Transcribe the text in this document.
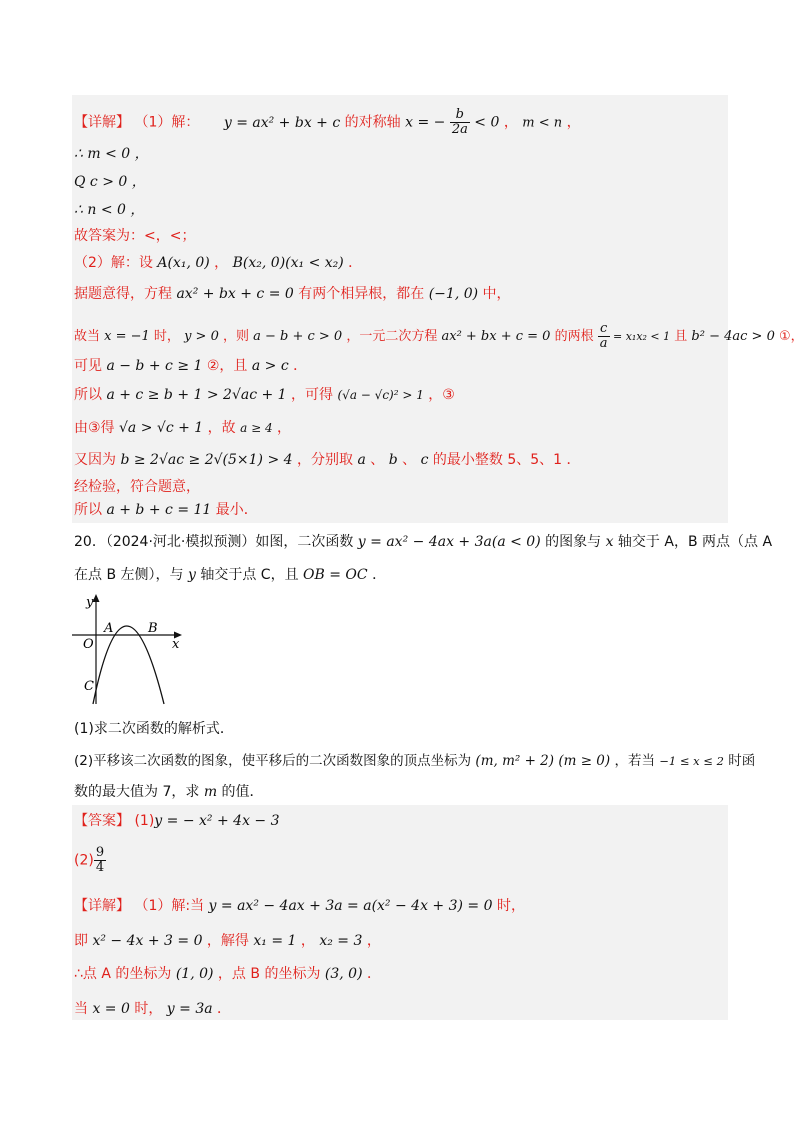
【详解】 （1）解： y = ax² + bx + c 的对称轴 x = − $\frac{b}{2a} < 0$ ， m < n ，
∴ m < 0 ，
Q c > 0 ，
∴ n < 0 ，
故答案为：<，<；
（2）解：设 A(x₁, 0) ， B(x₂, 0)(x₁ < x₂) ．
据题意得，方程 ax² + bx + c = 0 有两个相异根，都在 (−1, 0) 中，
故当 x = −1 时， y > 0 ，则 a − b + c > 0 ，一元二次方程 ax² + bx + c = 0 的两根 $\frac{c}{a} = x_1x_2 < 1$ 且 b² − 4ac > 0 ①，
可见 a − b + c ≥ 1 ②，且 a > c ．
所以 a + c ≥ b + 1 > 2√ac + 1 ，可得 (√a − √c)² > 1 ，③
由③得 √a > √c + 1 ，故 a ≥ 4 ，
又因为 b ≥ 2√ac ≥ 2√(5×1) > 4 ，分别取 a 、 b 、 c 的最小整数 5、5、1 ．
经检验，符合题意，
所以 a + b + c = 11 最小．
20．（2024·河北·模拟预测）如图，二次函数 y = ax² − 4ax + 3a(a < 0) 的图象与 x 轴交于 A，B 两点（点 A
在点 B 左侧），与 y 轴交于点 C，且 OB = OC ．
y
x
O
A	B
C
(1)求二次函数的解析式．
(2)平移该二次函数的图象，使平移后的二次函数图象的顶点坐标为 (m, m² + 2) (m ≥ 0) ，若当 −1 ≤ x ≤ 2 时函
数的最大值为 7，求 m 的值．
【答案】 (1)y = − x² + 4x − 3
$(2) \frac{9}{4}$
【详解】 （1）解:当 y = ax² − 4ax + 3a = a(x² − 4x + 3) = 0 时，
即 x² − 4x + 3 = 0 ，解得 x₁ = 1 ， x₂ = 3 ，
∴点 A 的坐标为 (1, 0) ，点 B 的坐标为 (3, 0) ．
当 x = 0 时， y = 3a ．
